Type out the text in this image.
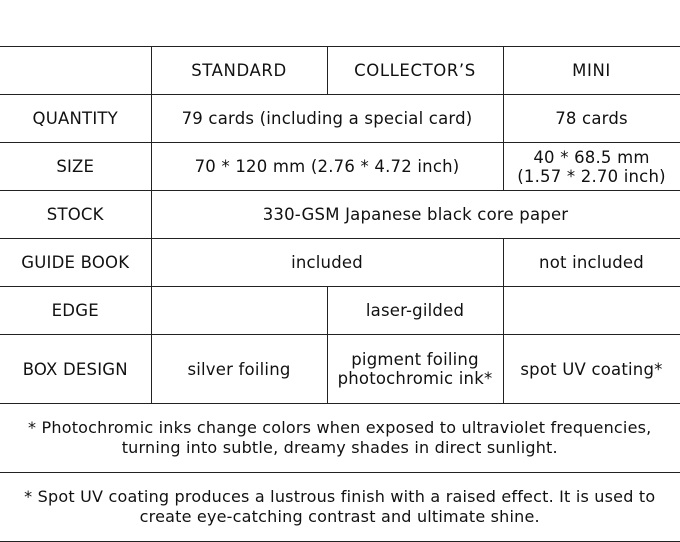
	STANDARD	COLLECTOR’S	MINI
QUANTITY	79 cards (including a special card)		78 cards
SIZE	70 * 120 mm (2.76 * 4.72 inch)		40 * 68.5 mm
(1.57 * 2.70 inch)

STOCK	330-GSM Japanese black core paper		
GUIDE BOOK	included		not included
EDGE		laser-gilded	
BOX DESIGN	silver foiling	pigment foiling
photochromic ink*	spot UV coating*

* Photochromic inks change colors when exposed to ultraviolet frequencies,
turning into subtle, dreamy shades in direct sunlight.			

* Spot UV coating produces a lustrous finish with a raised effect. It is used to
create eye-catching contrast and ultimate shine.			
